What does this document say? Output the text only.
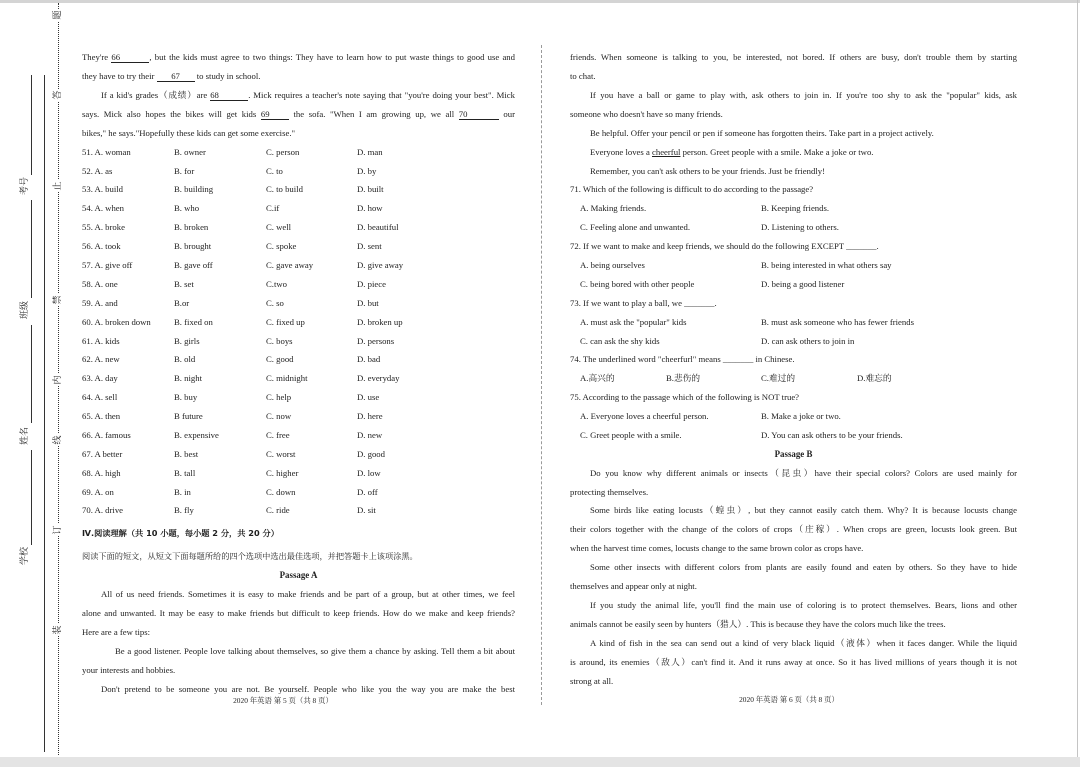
题
答
止
禁
内
线
订
装
考号
班级
姓名
学校
They're 66	, but the kids must agree to two things: They have to learn how to put waste things to good use and
they have to try their 67 to study in school.
If a kid's grades（成绩）are 68	. Mick requires a teacher's note saying that "you're doing your best". Mick
says. Mick also hopes the bikes will get kids 69 the sofa. "When I am growing up, we all 70	our
bikes," he says."Hopefully these kids can get some exercise."
51. A. woman	B. owner	C. person	D. man
52. A. as	B. for	C. to	D. by
53. A. build	B. building	C. to build	D. built
54. A. when	B. who	C.if	D. how
55. A. broke	B. broken	C. well	D. beautiful
56. A. took	B. brought	C. spoke	D. sent
57. A. give off	B. gave off	C. gave away	D. give away
58. A. one	B. set	C.two	D. piece
59. A. and	B.or	C. so	D. but
60. A. broken down	B. fixed on	C. fixed up	D. broken up
61. A. kids	B. girls	C. boys	D. persons
62. A. new	B. old	C. good	D. bad
63. A. day	B. night	C. midnight	D. everyday
64. A. sell	B. buy	C. help	D. use
65. A. then	B future	C. now	D. here
66. A. famous	B. expensive	C. free	D. new
67. A better	B. best	C. worst	D. good
68. A. high	B. tall	C. higher	D. low
69. A. on	B. in	C. down	D. off
70. A. drive	B. fly	C. ride	D. sit
Ⅳ.阅读理解（共 10 小题，每小题 2 分，共 20 分）
阅读下面的短文，从短文下面每题所给的四个选项中选出最佳选项，并把答题卡上该项涂黑。
Passage A
All of us need friends. Sometimes it is easy to make friends and be part of a group, but at other times, we feel
alone and unwanted. It may be easy to make friends but difficult to keep friends. How do we make and keep friends?
Here are a few tips:
Be a good listener. People love talking about themselves, so give them a chance by asking. Tell them a bit about
your interests and hobbies.
Don't pretend to be someone you are not. Be yourself. People who like you the way you are make the best
2020 年英语 第 5 页（共 8 页）
friends. When someone is talking to you, be interested, not bored. If others are busy, don't trouble them by starting
to chat.
If you have a ball or game to play with, ask others to join in. If you're too shy to ask the "popular" kids, ask
someone who doesn't have so many friends.
Be helpful. Offer your pencil or pen if someone has forgotten theirs. Take part in a project actively.
Everyone loves a cheerful person. Greet people with a smile. Make a joke or two.
Remember, you can't ask others to be your friends. Just be friendly!
71. Which of the following is difficult to do according to the passage?
A. Making friends.	B. Keeping friends.
C. Feeling alone and unwanted.	D. Listening to others.
72. If we want to make and keep friends, we should do the following EXCEPT _______.
A. being ourselves	B. being interested in what others say
C. being bored with other people	D. being a good listener
73. If we want to play a ball, we _______.
A. must ask the "popular" kids	B. must ask someone who has fewer friends
C. can ask the shy kids	D. can ask others to join in
74. The underlined word "cheerfurl" means _______ in Chinese.
A.高兴的	B.悲伤的	C.难过的	D.难忘的
75. According to the passage which of the following is NOT true?
A. Everyone loves a cheerful person.	B. Make a joke or two.
C. Greet people with a smile.	D. You can ask others to be your friends.
Passage B
Do you know why different animals or insects（昆虫）have their special colors? Colors are used mainly for
protecting themselves.
Some birds like eating locusts（蝗虫）, but they cannot easily catch them. Why? It is because locusts change
their colors together with the change of the colors of crops（庄稼）. When crops are green, locusts look green. But
when the harvest time comes, locusts change to the same brown color as crops have.
Some other insects with different colors from plants are easily found and eaten by others. So they have to hide
themselves and appear only at night.
If you study the animal life, you'll find the main use of coloring is to protect themselves. Bears, lions and other
animals cannot be easily seen by hunters（猎人）. This is because they have the colors much like the trees.
A kind of fish in the sea can send out a kind of very black liquid（液体）when it faces danger. While the liquid
is around, its enemies（敌人）can't find it. And it runs away at once. So it has lived millions of years though it is not
strong at all.
2020 年英语 第 6 页（共 8 页）
